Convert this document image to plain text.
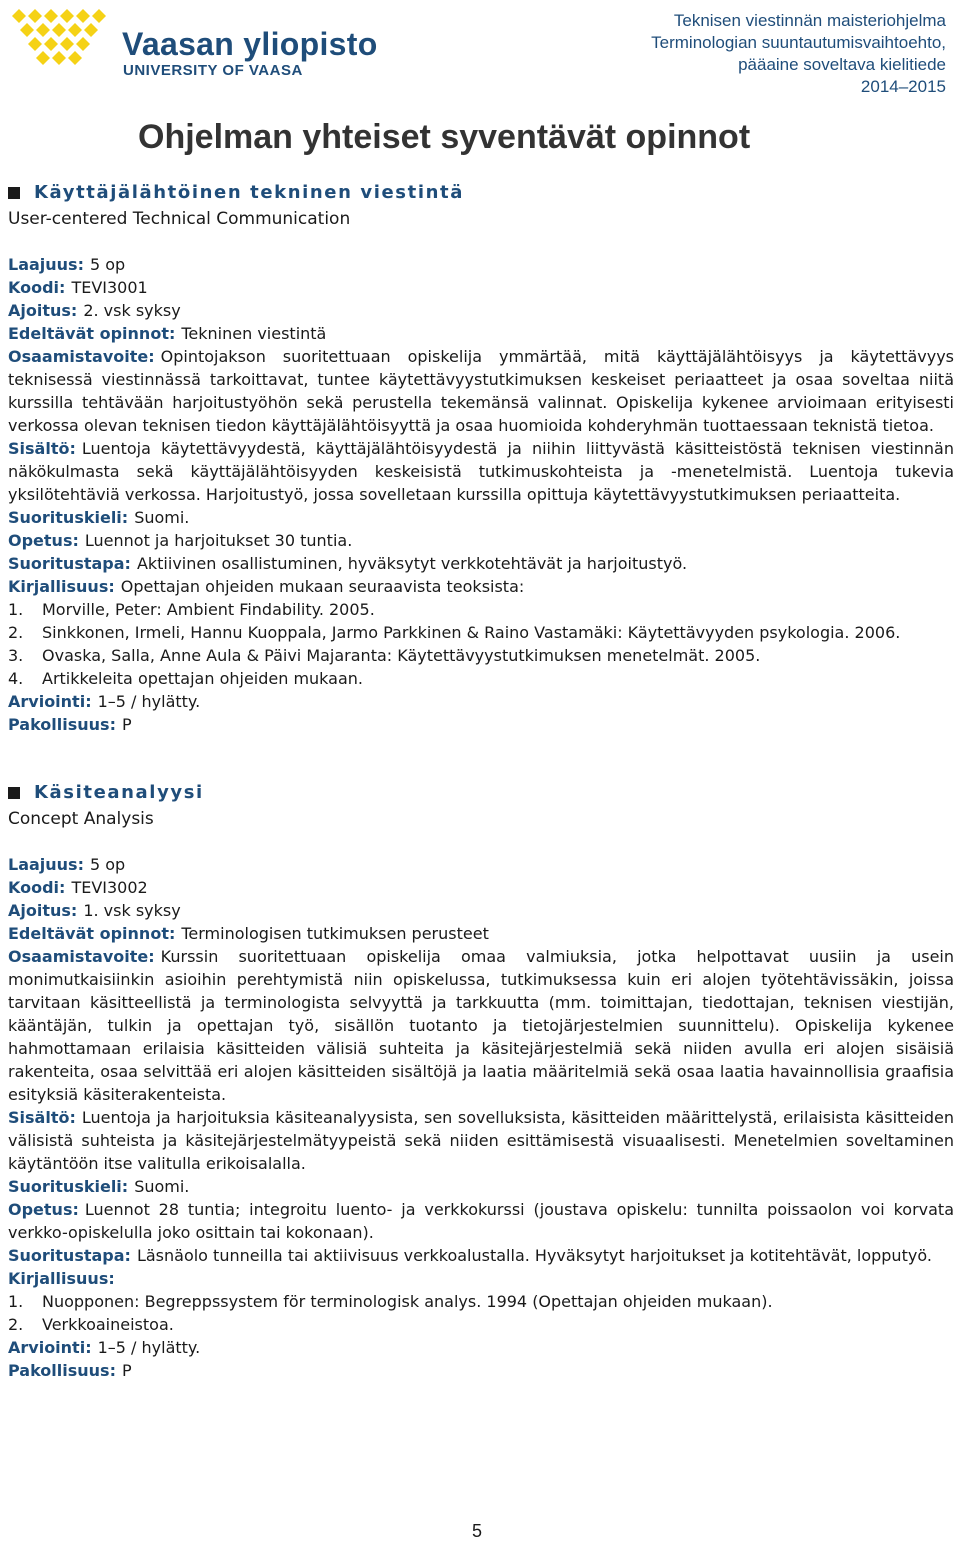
Vaasan yliopisto
UNIVERSITY OF VAASA
Teknisen viestinnän maisteriohjelma
Terminologian suuntautumisvaihtoehto,
pääaine soveltava kielitiede
2014–2015
Ohjelman yhteiset syventävät opinnot
Käyttäjälähtöinen tekninen viestintä

User-centered Technical Communication

Laajuus: 5 op

Koodi: TEVI3001

Ajoitus: 2. vsk syksy

Edeltävät opinnot: Tekninen viestintä

Osaamistavoite: Opintojakson suoritettuaan opiskelija ymmärtää, mitä käyttäjälähtöisyys ja käytettävyys teknisessä viestinnässä tarkoittavat, tuntee käytettävyystutkimuksen keskeiset periaatteet ja osaa soveltaa niitä kurssilla tehtävään harjoitustyöhön sekä perustella tekemänsä valinnat. Opiskelija kykenee arvioimaan erityisesti verkossa olevan teknisen tiedon käyttäjälähtöisyyttä ja osaa huomioida kohderyhmän tuottaessaan teknistä tietoa.

Sisältö: Luentoja käytettävyydestä, käyttäjälähtöisyydestä ja niihin liittyvästä käsitteistöstä teknisen viestinnän näkökulmasta sekä käyttäjälähtöisyyden keskeisistä tutkimuskohteista ja -menetelmistä. Luentoja tukevia yksilötehtäviä verkossa. Harjoitustyö, jossa sovelletaan kurssilla opittuja käytettävyystutkimuksen periaatteita.

Suorituskieli: Suomi.

Opetus: Luennot ja harjoitukset 30 tuntia.

Suoritustapa: Aktiivinen osallistuminen, hyväksytyt verkkotehtävät ja harjoitustyö.

Kirjallisuus: Opettajan ohjeiden mukaan seuraavista teoksista:

1.	Morville, Peter: Ambient Findability. 2005.
2.	Sinkkonen, Irmeli, Hannu Kuoppala, Jarmo Parkkinen & Raino Vastamäki: Käytettävyyden psykologia. 2006.
3.	Ovaska, Salla, Anne Aula & Päivi Majaranta: Käytettävyystutkimuksen menetelmät. 2005.
4.	Artikkeleita opettajan ohjeiden mukaan.

Arviointi: 1–5 / hylätty.

Pakollisuus: P

Käsiteanalyysi

Concept Analysis

Laajuus: 5 op

Koodi: TEVI3002

Ajoitus: 1. vsk syksy

Edeltävät opinnot: Terminologisen tutkimuksen perusteet

Osaamistavoite: Kurssin suoritettuaan opiskelija omaa valmiuksia, jotka helpottavat uusiin ja usein monimutkaisiinkin asioihin perehtymistä niin opiskelussa, tutkimuksessa kuin eri alojen työtehtävissäkin, joissa tarvitaan käsitteellistä ja terminologista selvyyttä ja tarkkuutta (mm. toimittajan, tiedottajan, teknisen viestijän, kääntäjän, tulkin ja opettajan työ, sisällön tuotanto ja tietojärjestelmien suunnittelu). Opiskelija kykenee hahmottamaan erilaisia käsitteiden välisiä suhteita ja käsitejärjestelmiä sekä niiden avulla eri alojen sisäisiä rakenteita, osaa selvittää eri alojen käsitteiden sisältöjä ja laatia määritelmiä sekä osaa laatia havainnollisia graafisia esityksiä käsiterakenteista.

Sisältö: Luentoja ja harjoituksia käsiteanalyysista, sen sovelluksista, käsitteiden määrittelystä, erilaisista käsitteiden välisistä suhteista ja käsitejärjestelmätyypeistä sekä niiden esittämisestä visuaalisesti. Menetelmien soveltaminen käytäntöön itse valitulla erikoisalalla.

Suorituskieli: Suomi.

Opetus: Luennot 28 tuntia; integroitu luento- ja verkkokurssi (joustava opiskelu: tunnilta poissaolon voi korvata verkko-opiskelulla joko osittain tai kokonaan).

Suoritustapa: Läsnäolo tunneilla tai aktiivisuus verkkoalustalla. Hyväksytyt harjoitukset ja kotitehtävät, lopputyö.

Kirjallisuus:

1.	Nuopponen: Begreppssystem för terminologisk analys. 1994 (Opettajan ohjeiden mukaan).
2.	Verkkoaineistoa.

Arviointi: 1–5 / hylätty.

Pakollisuus: P

5
